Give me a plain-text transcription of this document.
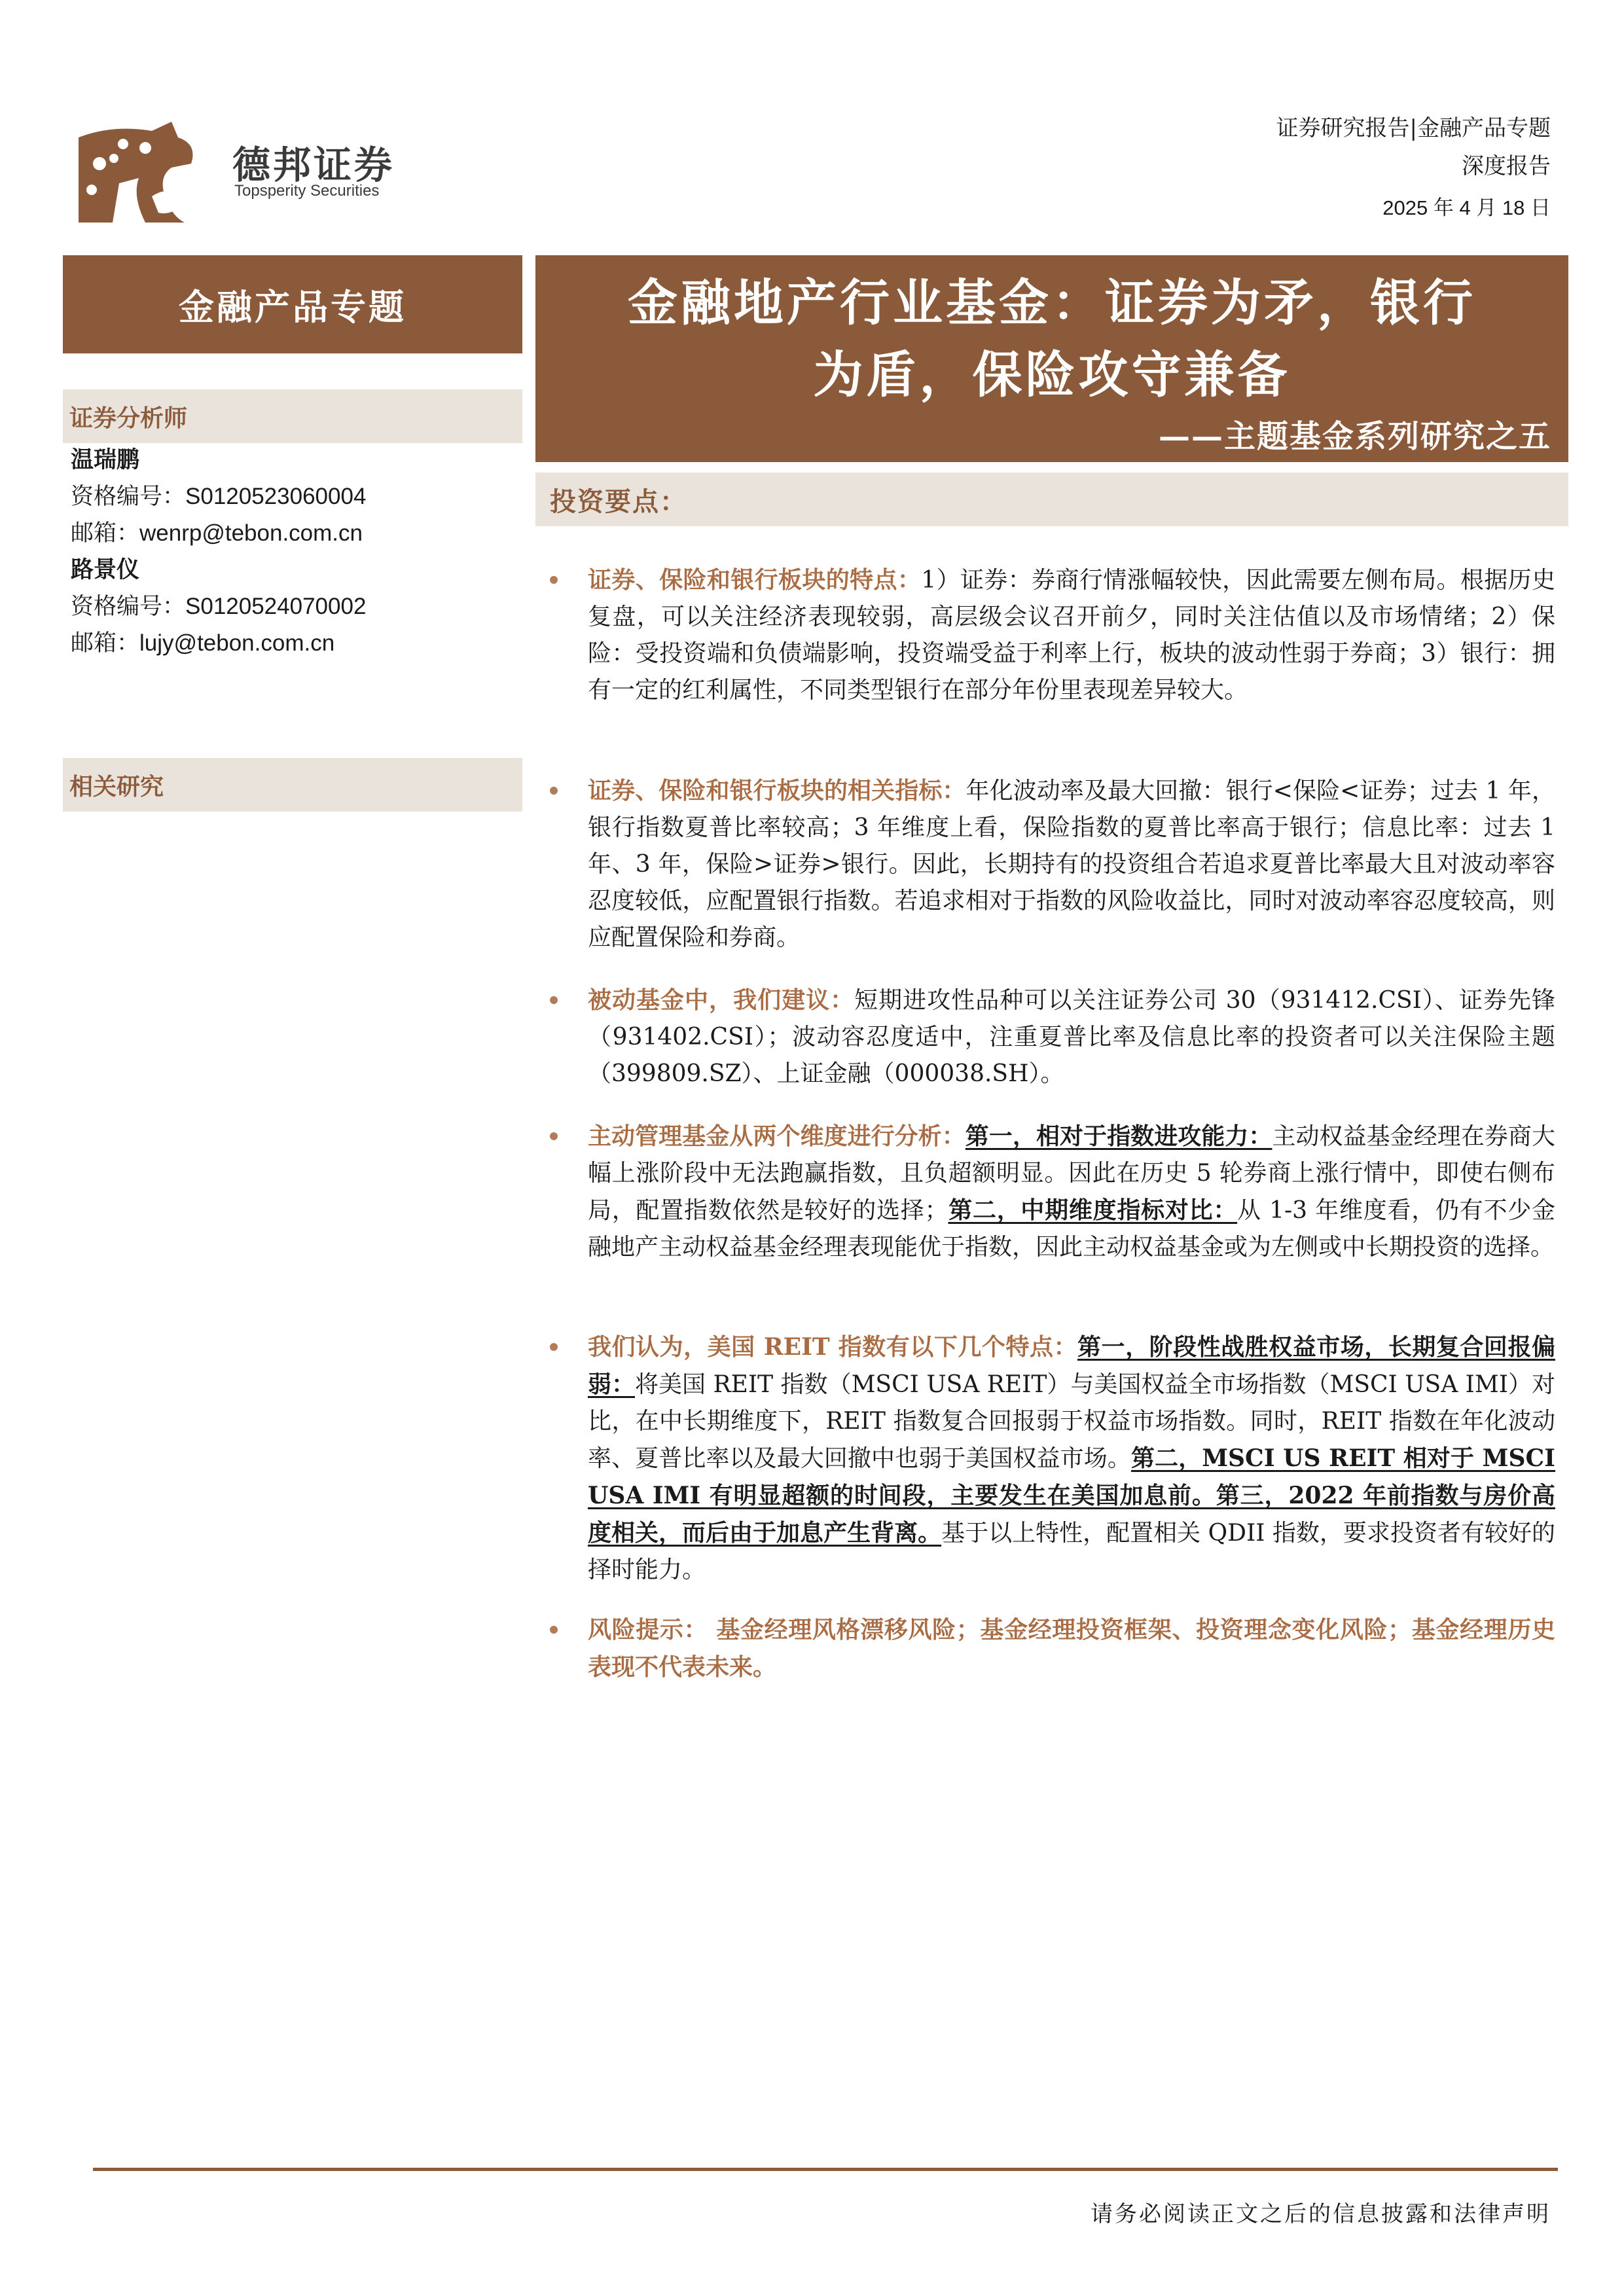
德邦证券
Topsperity Securities
证券研究报告|金融产品专题
深度报告
2025 年 4 月 18 日
金融产品专题
证券分析师
温瑞鹏
资格编号：S0120523060004
邮箱：wenrp@tebon.com.cn
路景仪
资格编号：S0120524070002
邮箱：lujy@tebon.com.cn
相关研究
金融地产行业基金：证券为矛，银行
为盾，保险攻守兼备
——主题基金系列研究之五
投资要点：
证券、保险和银行板块的特点：1）证券：券商行情涨幅较快，因此需要左侧布局。根据历史复盘，可以关注经济表现较弱，高层级会议召开前夕，同时关注估值以及市场情绪；2）保险：受投资端和负债端影响，投资端受益于利率上行，板块的波动性弱于券商；3）银行：拥有一定的红利属性，不同类型银行在部分年份里表现差异较大。
证券、保险和银行板块的相关指标：年化波动率及最大回撤：银行<保险<证券；过去 1 年，银行指数夏普比率较高；3 年维度上看，保险指数的夏普比率高于银行；信息比率：过去 1 年、3 年，保险>证券>银行。因此，长期持有的投资组合若追求夏普比率最大且对波动率容忍度较低，应配置银行指数。若追求相对于指数的风险收益比，同时对波动率容忍度较高，则应配置保险和券商。
被动基金中，我们建议：短期进攻性品种可以关注证券公司 30（931412.CSI）、证券先锋（931402.CSI）；波动容忍度适中，注重夏普比率及信息比率的投资者可以关注保险主题（399809.SZ）、上证金融（000038.SH）。
主动管理基金从两个维度进行分析：第一，相对于指数进攻能力：主动权益基金经理在券商大幅上涨阶段中无法跑赢指数，且负超额明显。因此在历史 5 轮券商上涨行情中，即使右侧布局，配置指数依然是较好的选择；第二，中期维度指标对比：从 1-3 年维度看，仍有不少金融地产主动权益基金经理表现能优于指数，因此主动权益基金或为左侧或中长期投资的选择。
我们认为，美国 REIT 指数有以下几个特点：第一，阶段性战胜权益市场，长期复合回报偏弱：将美国 REIT 指数（MSCI USA REIT）与美国权益全市场指数（MSCI USA IMI）对比，在中长期维度下，REIT 指数复合回报弱于权益市场指数。同时，REIT 指数在年化波动率、夏普比率以及最大回撤中也弱于美国权益市场。第二，MSCI US REIT 相对于 MSCI USA IMI 有明显超额的时间段，主要发生在美国加息前。第三，2022 年前指数与房价高度相关，而后由于加息产生背离。基于以上特性，配置相关 QDII 指数，要求投资者有较好的择时能力。
风险提示： 基金经理风格漂移风险；基金经理投资框架、投资理念变化风险；基金经理历史表现不代表未来。
请务必阅读正文之后的信息披露和法律声明
